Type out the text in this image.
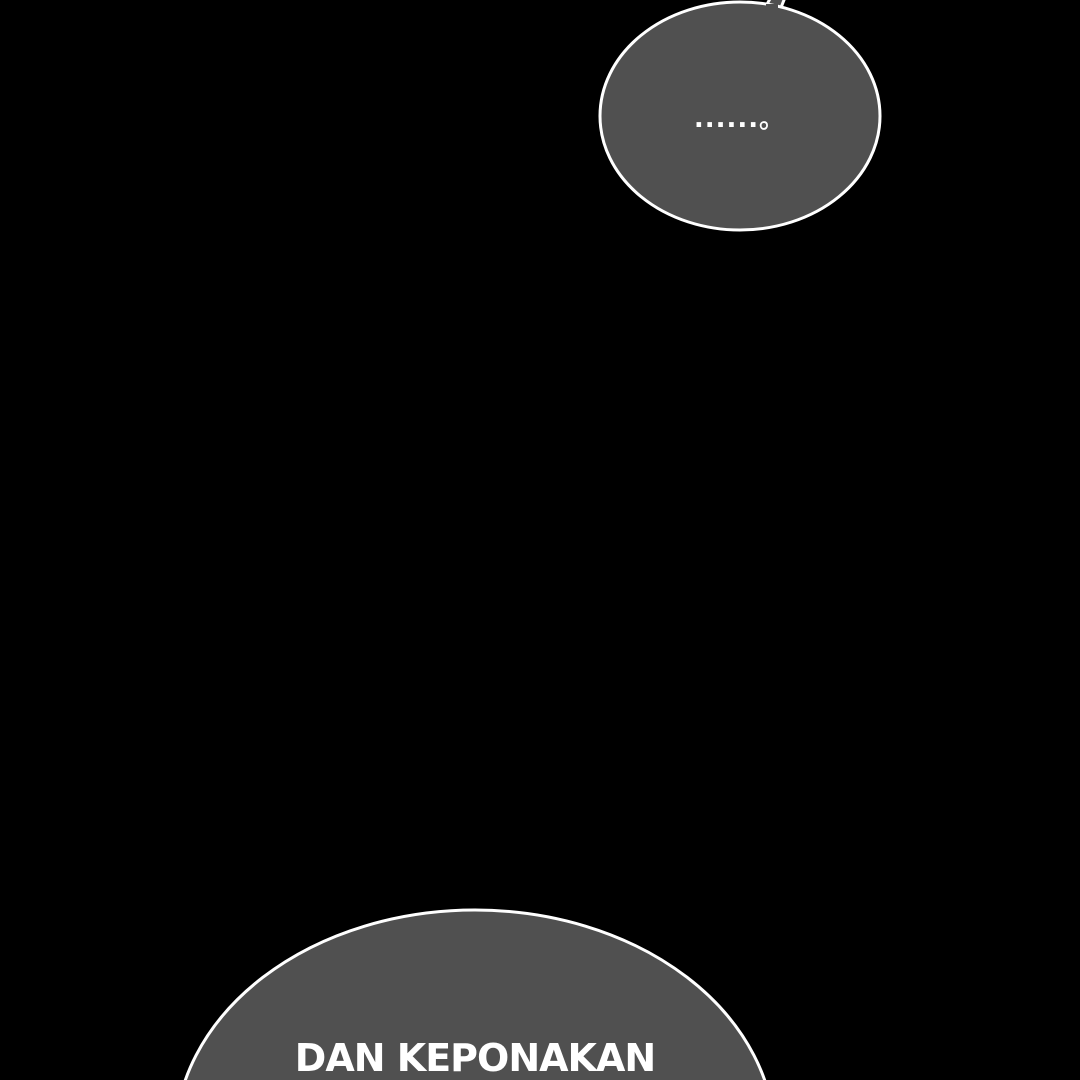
......。
DAN KEPONAKAN
